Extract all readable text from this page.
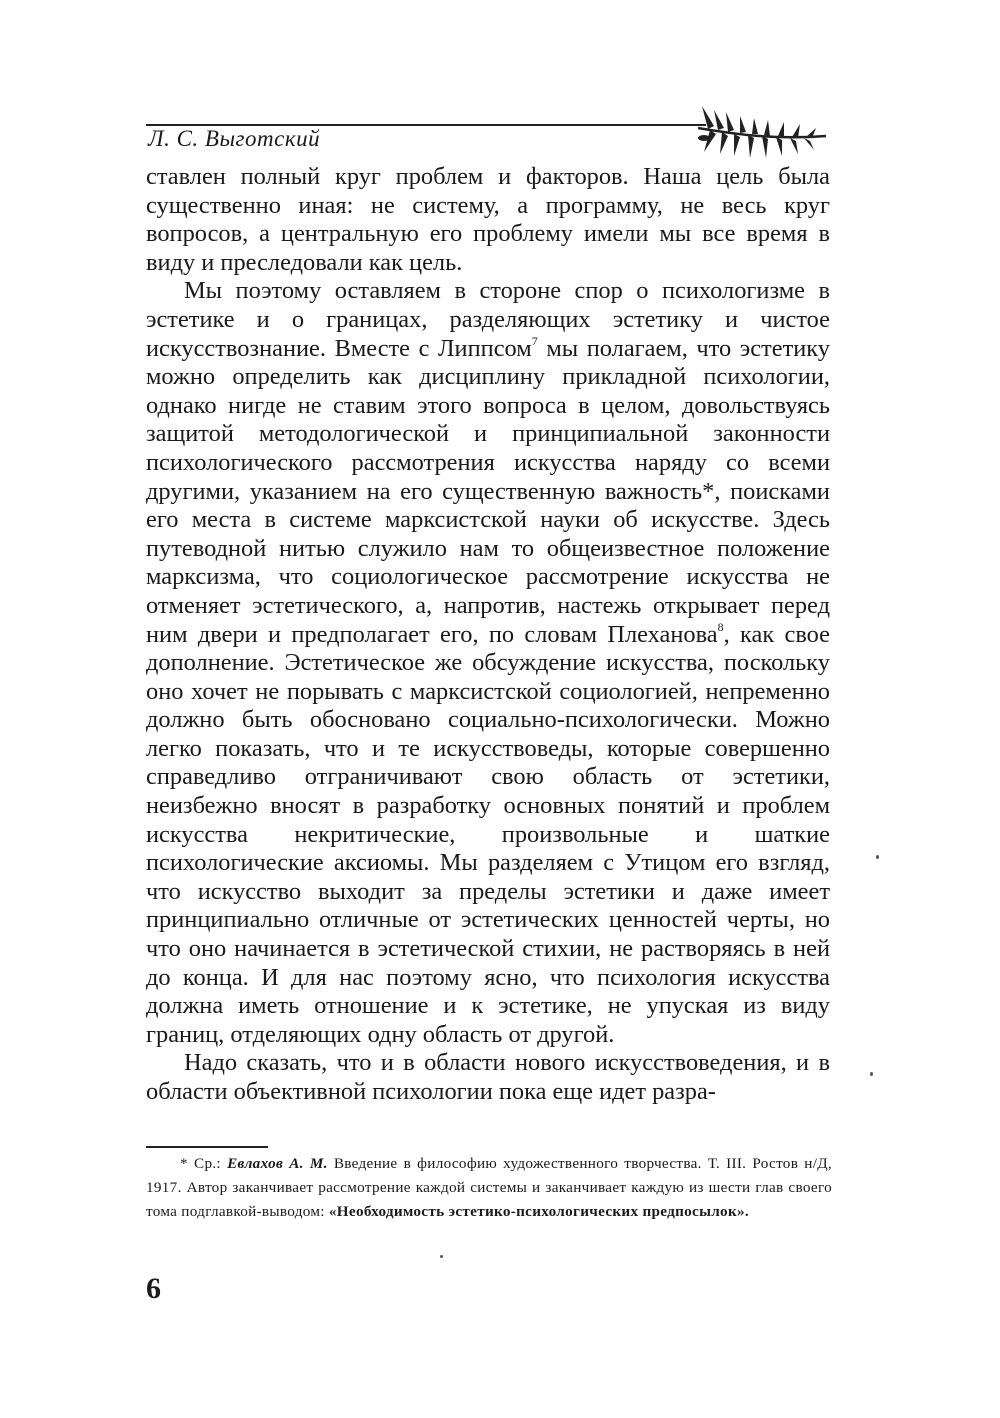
Л. С. Выготский

ставлен полный круг проблем и факторов. Наша цель была существенно иная: не систему, а программу, не весь круг вопросов, а центральную его проблему имели мы все время в виду и преследовали как цель.

Мы поэтому оставляем в стороне спор о психологизме в эстетике и о границах, разделяющих эстетику и чистое искусствознание. Вместе с Липпсом$^7$ мы полагаем, что эстетику можно определить как дисциплину прикладной психологии, однако нигде не ставим этого вопроса в целом, довольствуясь защитой методологической и принципиальной законности психологического рассмотрения искусства наряду со всеми другими, указанием на его существенную важность*, поисками его места в системе марксистской науки об искусстве. Здесь путеводной нитью служило нам то общеизвестное положение марксизма, что социологическое рассмотрение искусства не отменяет эстетического, а, напротив, настежь открывает перед ним двери и предполагает его, по словам Плеханова$^8$, как свое дополнение. Эстетическое же обсуждение искусства, поскольку оно хочет не порывать с марксистской социологией, непременно должно быть обосновано социально-психологически. Можно легко показать, что и те искусствоведы, которые совершенно справедливо отграничивают свою область от эстетики, неизбежно вносят в разработку основных понятий и проблем искусства некритические, произвольные и шаткие психологические аксиомы. Мы разделяем с Утицом его взгляд, что искусство выходит за пределы эстетики и даже имеет принципиально отличные от эстетических ценностей черты, но что оно начинается в эстетической стихии, не растворяясь в ней до конца. И для нас поэтому ясно, что психология искусства должна иметь отношение и к эстетике, не упуская из виду границ, отделяющих одну область от другой.

Надо сказать, что и в области нового искусствоведения, и в области объективной психологии пока еще идет разра-

* Ср.: Евлахов А. М. Введение в философию художественного творчества. Т. III. Ростов н/Д, 1917. Автор заканчивает рассмотрение каждой системы и заканчивает каждую из шести глав своего тома подглавкой-выводом: «Необходимость эстетико-психологических предпосылок».
6
